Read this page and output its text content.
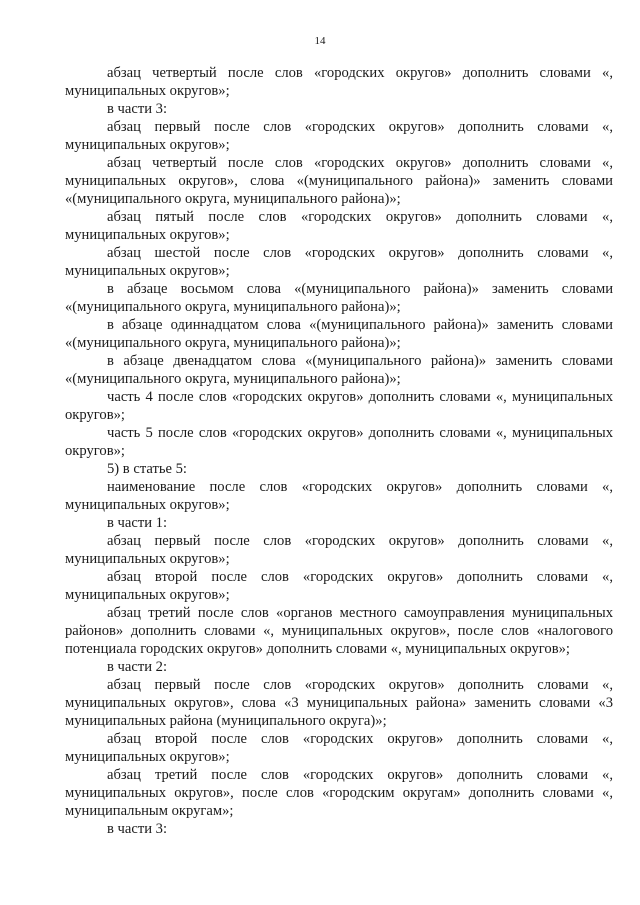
14

абзац четвертый после слов «городских округов» дополнить словами «, муниципальных округов»;

в части 3:

абзац первый после слов «городских округов» дополнить словами «, муниципальных округов»;

абзац четвертый после слов «городских округов» дополнить словами «, муниципальных округов», слова «(муниципального района)» заменить словами «(муниципального округа, муниципального района)»;

абзац пятый после слов «городских округов» дополнить словами «, муниципальных округов»;

абзац шестой после слов «городских округов» дополнить словами «, муниципальных округов»;

в абзаце восьмом слова «(муниципального района)» заменить словами «(муниципального округа, муниципального района)»;

в абзаце одиннадцатом слова «(муниципального района)» заменить словами «(муниципального округа, муниципального района)»;

в абзаце двенадцатом слова «(муниципального района)» заменить словами «(муниципального округа, муниципального района)»;

часть 4 после слов «городских округов» дополнить словами «, муниципальных округов»;

часть 5 после слов «городских округов» дополнить словами «, муниципальных округов»;

5) в статье 5:

наименование после слов «городских округов» дополнить словами «, муниципальных округов»;

в части 1:

абзац первый после слов «городских округов» дополнить словами «, муниципальных округов»;

абзац второй после слов «городских округов» дополнить словами «, муниципальных округов»;

абзац третий после слов «органов местного самоуправления муниципальных районов» дополнить словами «, муниципальных округов», после слов «налогового потенциала городских округов» дополнить словами «, муниципальных округов»;

в части 2:

абзац первый после слов «городских округов» дополнить словами «, муниципальных округов», слова «3 муниципальных района» заменить словами «3 муниципальных района (муниципального округа)»;

абзац второй после слов «городских округов» дополнить словами «, муниципальных округов»;

абзац третий после слов «городских округов» дополнить словами «, муниципальных округов», после слов «городским округам» дополнить словами «, муниципальным округам»;

в части 3:
